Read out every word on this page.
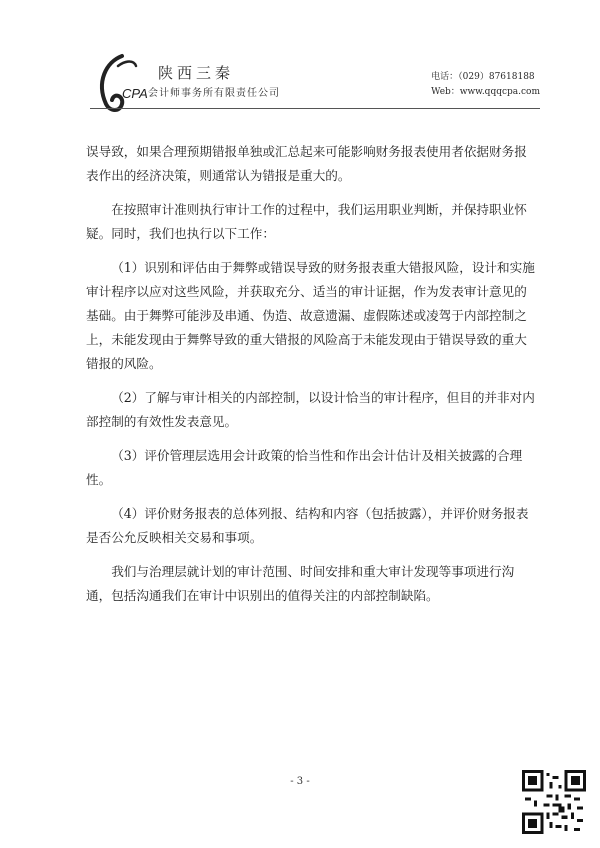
CPA
陕西三秦
会计师事务所有限责任公司
电话：（029）87618188
Web：www.qqqcpa.com

误导致，如果合理预期错报单独或汇总起来可能影响财务报表使用者依据财务报表作出的经济决策，则通常认为错报是重大的。

在按照审计准则执行审计工作的过程中，我们运用职业判断，并保持职业怀疑。同时，我们也执行以下工作：

（1）识别和评估由于舞弊或错误导致的财务报表重大错报风险，设计和实施审计程序以应对这些风险，并获取充分、适当的审计证据，作为发表审计意见的基础。由于舞弊可能涉及串通、伪造、故意遗漏、虚假陈述或凌驾于内部控制之上，未能发现由于舞弊导致的重大错报的风险高于未能发现由于错误导致的重大错报的风险。

（2）了解与审计相关的内部控制，以设计恰当的审计程序，但目的并非对内部控制的有效性发表意见。

（3）评价管理层选用会计政策的恰当性和作出会计估计及相关披露的合理性。

（4）评价财务报表的总体列报、结构和内容（包括披露），并评价财务报表是否公允反映相关交易和事项。

我们与治理层就计划的审计范围、时间安排和重大审计发现等事项进行沟通，包括沟通我们在审计中识别出的值得关注的内部控制缺陷。

- 3 -
